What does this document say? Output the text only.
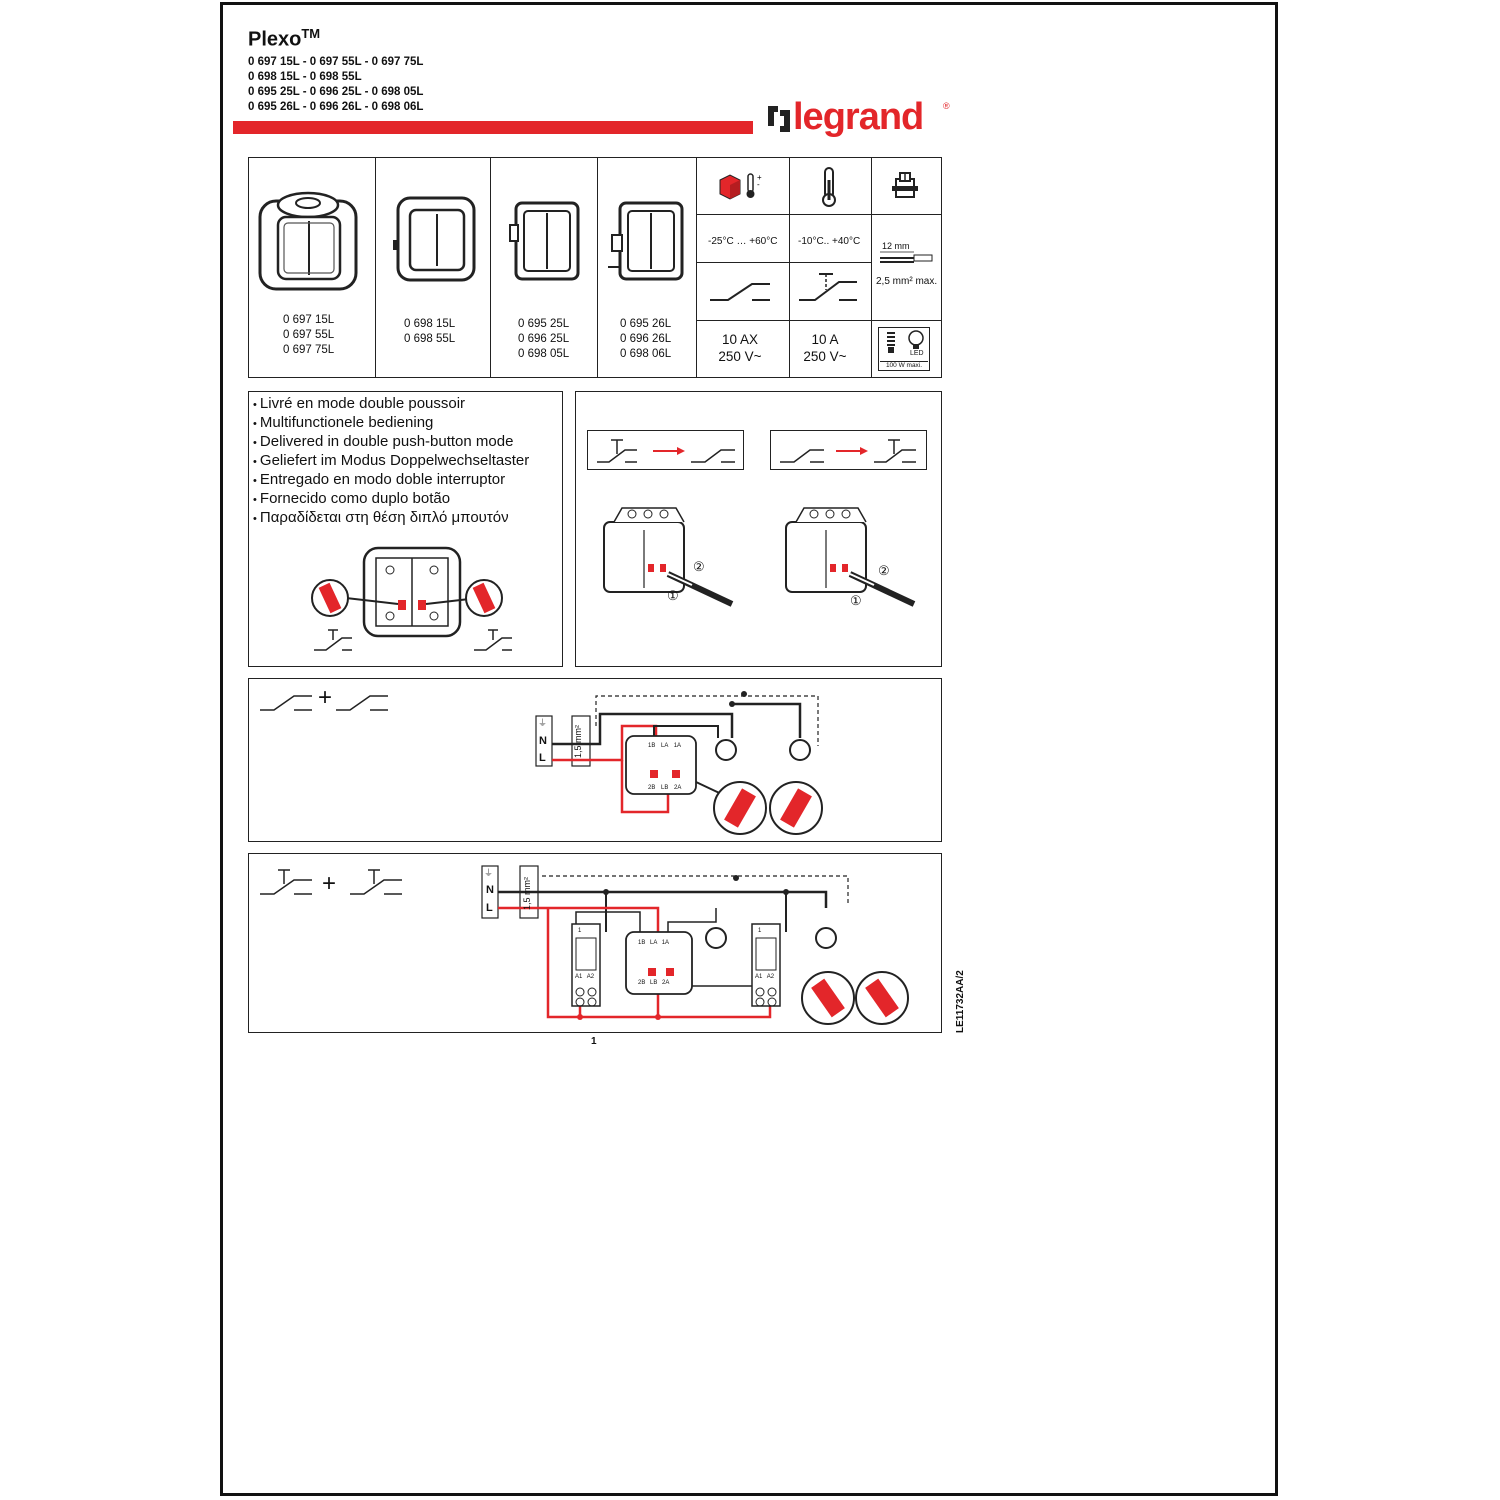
Plexo™
0 697 15L - 0 697 55L - 0 697 75L
0 698 15L - 0 698 55L
0 695 25L - 0 696 25L - 0 698 05L
0 695 26L - 0 696 26L - 0 698 06L	legrand ®
0 697 15L
0 697 55L
0 697 75L
0 698 15L
0 698 55L
0 695 25L
0 696 25L
0 698 05L
0 695 26L
0 696 26L
0 698 06L
+
-
-25°C … +60°C -10°C.. +40°C 12 mm
2,5 mm² max.
10 AX
250 V~
10 A
250 V~	LED
100 W maxi.
• Livré en mode double poussoir
• Multifunctionele bediening
• Delivered in double push-button mode
• Geliefert im Modus Doppelwechseltaster
• Entregado en modo doble interruptor
• Fornecido como duplo botão
• Παραδίδεται στη θέση διπλό μπουτόν
①
②
①
②
+
⏚
N
L	1,5 mm²	1B LA 1A
2B LB 2A
+	⏚
N
L	1,5 mm²
1
A1 A2
1
A1 A2
1B LA 1A
2B LB 2A
1
LE11732AA/2
